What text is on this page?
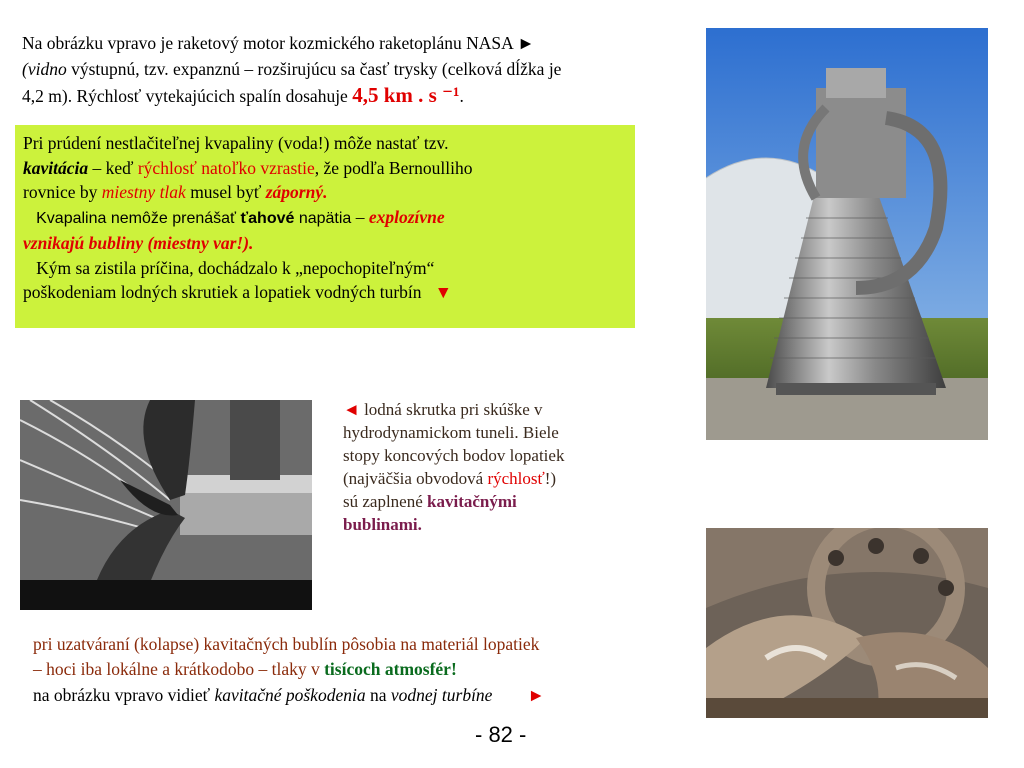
Na obrázku vpravo je raketový motor kozmického raketoplánu NASA ►
(vidno výstupnú, tzv. expanznú – rozširujúcu sa časť trysky (celková dĺžka je
4,2 m). Rýchlosť vytekajúcich spalín dosahuje 4,5 km . s ⁻¹.
Pri prúdení nestlačiteľnej kvapaliny (voda!) môže nastať tzv.
kavitácia – keď rýchlosť natoľko vzrastie, že podľa Bernoulliho
rovnice by miestny tlak musel byť záporný.
Kvapalina nemôže prenášať ťahové napätia – explozívne
vznikajú bubliny (miestny var!).
Kým sa zistila príčina, dochádzalo k „nepochopiteľným“
poškodeniam lodných skrutiek a lopatiek vodných turbín ▼
◄ lodná skrutka pri skúške v
hydrodynamickom tuneli. Biele
stopy koncových bodov lopatiek
(najväčšia obvodová rýchlosť!)
sú zaplnené kavitačnými
bublinami.
pri uzatváraní (kolapse) kavitačných bublín pôsobia na materiál lopatiek
– hoci iba lokálne a krátkodobo – tlaky v tisícoch atmosfér!
na obrázku vpravo vidieť kavitačné poškodenia na vodnej turbíne ►
- 82 -
